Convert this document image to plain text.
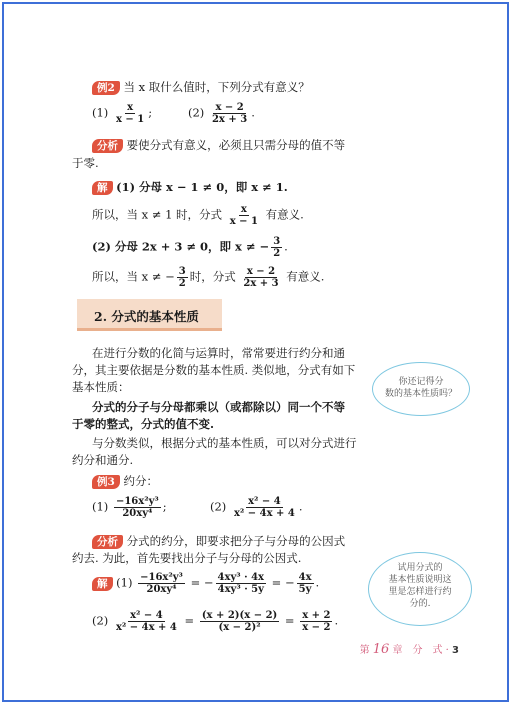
例2 当 x 取什么值时，下列分式有意义？
$(1) \frac{x}{x - 1}$ ;	$(2) \frac{x - 2}{2x + 3}$ .
分析 要使分式有意义，必须且只需分母的值不等
于零.
解 (1) 分母 x − 1 ≠ 0，即 x ≠ 1.
所以，当 x ≠ 1 时，分式 $\frac{x}{x - 1}$ 有意义.
(2) 分母 2x + 3 ≠ 0，即 x ≠ − $\frac{3}{2}$ .
所以，当 x ≠ − $\frac{3}{2}$ 时，分式 $\frac{x - 2}{2x + 3}$ 有意义.
2. 分式的基本性质
在进行分数的化简与运算时，常常要进行约分和通
分，其主要依据是分数的基本性质. 类似地，分式有如下
基本性质：
分式的分子与分母都乘以（或都除以）同一个不等
于零的整式，分式的值不变.
与分数类似，根据分式的基本性质，可以对分式进行
约分和通分.
你还记得分
数的基本性质吗？
例3 约分：
$(1) \frac{\text{−16x²y³}}{\text{20xy⁴}}$ ;	$(2) \frac{\text{x² − 4}}{\text{x² − 4x + 4}}$ .
分析 分式的约分，即要求把分子与分母的公因式
约去. 为此，首先要找出分子与分母的公因式.
解 $(1) \frac{\text{−16x²y³}}{\text{20xy⁴}}$ = − $\frac{\text{4xy³ · 4x}}{\text{4xy³ · 5y}}$ = − $\frac{4x}{5y}$ .
$(2) \frac{\text{x² − 4}}{\text{x² − 4x + 4}} = \frac{(x + 2)(x - 2)}{\text{(x − 2)²}} = \frac{x + 2}{x - 2}$ .
试用分式的
基本性质说明这
里是怎样进行约
分的.
第 16 章　分　式 · 3
